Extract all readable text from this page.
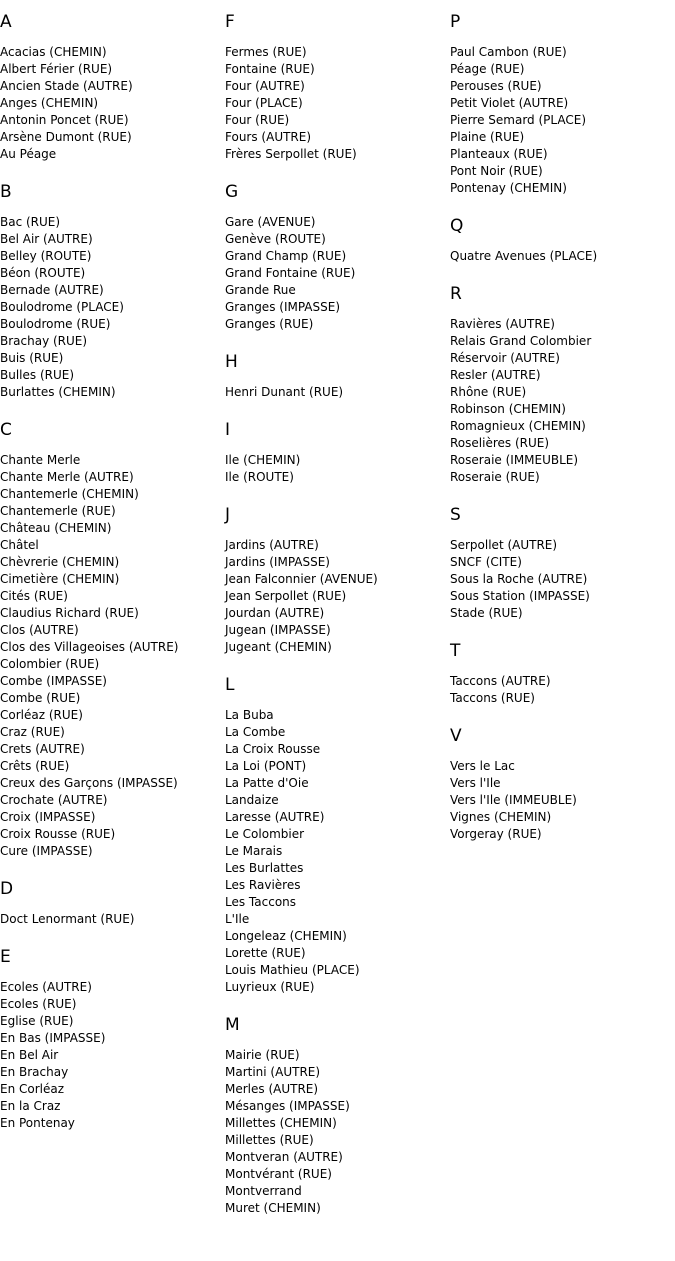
A
Acacias (CHEMIN)
Albert Férier (RUE)
Ancien Stade (AUTRE)
Anges (CHEMIN)
Antonin Poncet (RUE)
Arsène Dumont (RUE)
Au Péage
B
Bac (RUE)
Bel Air (AUTRE)
Belley (ROUTE)
Béon (ROUTE)
Bernade (AUTRE)
Boulodrome (PLACE)
Boulodrome (RUE)
Brachay (RUE)
Buis (RUE)
Bulles (RUE)
Burlattes (CHEMIN)
C
Chante Merle
Chante Merle (AUTRE)
Chantemerle (CHEMIN)
Chantemerle (RUE)
Château (CHEMIN)
Châtel
Chèvrerie (CHEMIN)
Cimetière (CHEMIN)
Cités (RUE)
Claudius Richard (RUE)
Clos (AUTRE)
Clos des Villageoises (AUTRE)
Colombier (RUE)
Combe (IMPASSE)
Combe (RUE)
Corléaz (RUE)
Craz (RUE)
Crets (AUTRE)
Crêts (RUE)
Creux des Garçons (IMPASSE)
Crochate (AUTRE)
Croix (IMPASSE)
Croix Rousse (RUE)
Cure (IMPASSE)
D
Doct Lenormant (RUE)
E
Ecoles (AUTRE)
Ecoles (RUE)
Eglise (RUE)
En Bas (IMPASSE)
En Bel Air
En Brachay
En Corléaz
En la Craz
En Pontenay
F
Fermes (RUE)
Fontaine (RUE)
Four (AUTRE)
Four (PLACE)
Four (RUE)
Fours (AUTRE)
Frères Serpollet (RUE)
G
Gare (AVENUE)
Genève (ROUTE)
Grand Champ (RUE)
Grand Fontaine (RUE)
Grande Rue
Granges (IMPASSE)
Granges (RUE)
H
Henri Dunant (RUE)
I
Ile (CHEMIN)
Ile (ROUTE)
J
Jardins (AUTRE)
Jardins (IMPASSE)
Jean Falconnier (AVENUE)
Jean Serpollet (RUE)
Jourdan (AUTRE)
Jugean (IMPASSE)
Jugeant (CHEMIN)
L
La Buba
La Combe
La Croix Rousse
La Loi (PONT)
La Patte d'Oie
Landaize
Laresse (AUTRE)
Le Colombier
Le Marais
Les Burlattes
Les Ravières
Les Taccons
L'Ile
Longeleaz (CHEMIN)
Lorette (RUE)
Louis Mathieu (PLACE)
Luyrieux (RUE)
M
Mairie (RUE)
Martini (AUTRE)
Merles (AUTRE)
Mésanges (IMPASSE)
Millettes (CHEMIN)
Millettes (RUE)
Montveran (AUTRE)
Montvérant (RUE)
Montverrand
Muret (CHEMIN)
P
Paul Cambon (RUE)
Péage (RUE)
Perouses (RUE)
Petit Violet (AUTRE)
Pierre Semard (PLACE)
Plaine (RUE)
Planteaux (RUE)
Pont Noir (RUE)
Pontenay (CHEMIN)
Q
Quatre Avenues (PLACE)
R
Ravières (AUTRE)
Relais Grand Colombier
Réservoir (AUTRE)
Resler (AUTRE)
Rhône (RUE)
Robinson (CHEMIN)
Romagnieux (CHEMIN)
Roselières (RUE)
Roseraie (IMMEUBLE)
Roseraie (RUE)
S
Serpollet (AUTRE)
SNCF (CITE)
Sous la Roche (AUTRE)
Sous Station (IMPASSE)
Stade (RUE)
T
Taccons (AUTRE)
Taccons (RUE)
V
Vers le Lac
Vers l'Ile
Vers l'Ile (IMMEUBLE)
Vignes (CHEMIN)
Vorgeray (RUE)
